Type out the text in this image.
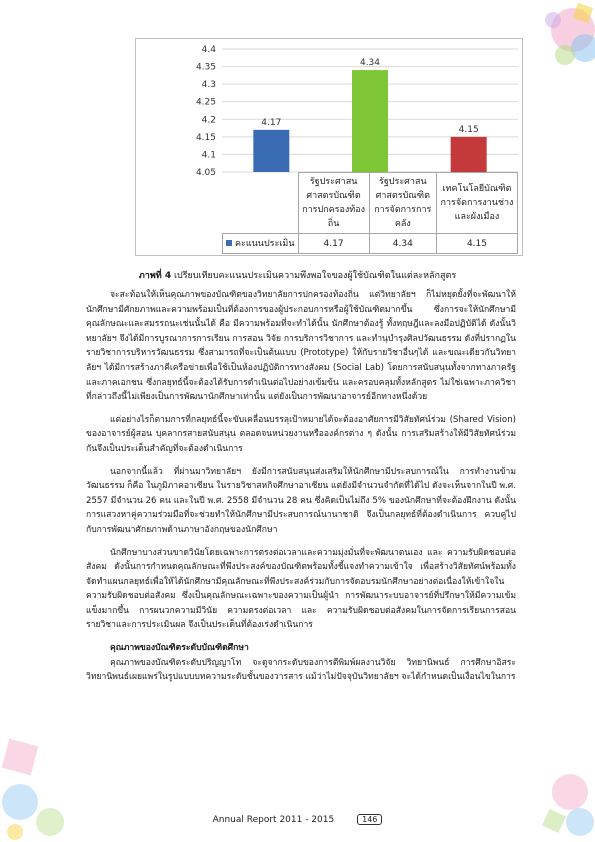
4.4
4.35
4.3
4.25
4.2
4.15
4.1
4.05
4.17
4.34
4.15
	รัฐประศาสนศาสตรบัณฑิต การปกครองท้องถิ่น	รัฐประศาสนศาสตรบัณฑิต การจัดการการคลัง	เทคโนโลยีบัณฑิต การจัดการงานช่างและผังเมือง
คะแนนประเมิน	4.17	4.34	4.15
ภาพที่ 4 เปรียบเทียบคะแนนประเมินความพึงพอใจของผู้ใช้บัณฑิตในแต่ละหลักสูตร

จะสะท้อนให้เห็นคุณภาพของบัณฑิตของวิทยาลัยการปกครองท้องถิ่น แต่วิทยาลัยฯ ก็ไม่หยุดยั้งที่จะพัฒนาให้นักศึกษามีศักยภาพและความพร้อมเป็นที่ต้องการของผู้ประกอบการหรือผู้ใช้บัณฑิตมากขึ้น ซึ่งการจะให้นักศึกษามีคุณลักษณะและสมรรถนะเช่นนั้นได้ คือ มีความพร้อมที่จะทำได้นั้น นักศึกษาต้องรู้ ทั้งทฤษฎีและลงมือปฏิบัติได้ ดังนั้นวิทยาลัยฯ จึงได้มีการบูรณาการการเรียน การสอน วิจัย การบริการวิชาการ และทำนุบำรุงศิลปวัฒนธรรม ดังที่ปรากฏในรายวิชาการบริหารวัฒนธรรม ซึ่งสามารถที่จะเป็นต้นแบบ (Prototype) ให้กับรายวิชาอื่นๆได้ และขณะเดียวกันวิทยาลัยฯ ได้มีการสร้างภาคีเครือข่ายเพื่อใช้เป็นห้องปฏิบัติการทางสังคม (Social Lab) โดยการสนับสนุนทั้งจากทางภาครัฐและภาคเอกชน ซึ่งกลยุทธ์นี้จะต้องได้รับการดำเนินต่อไปอย่างเข้มข้น และครอบคลุมทั้งหลักสูตร ไม่ใช่เฉพาะภาควิชา ที่กล่าวถึงนี้ไม่เพียงเป็นการพัฒนานักศึกษาเท่านั้น แต่ยังเป็นการพัฒนาอาจารย์อีกทางหนึ่งด้วย

แต่อย่างไรก็ตามการที่กลยุทธ์นี้จะขับเคลื่อนบรรลุเป้าหมายได้จะต้องอาศัยการมีวิสัยทัศน์ร่วม (Shared Vision) ของอาจารย์ผู้สอน บุคลากรสายสนับสนุน ตลอดจนหน่วยงานหรือองค์กรต่าง ๆ ดังนั้น การเสริมสร้างให้มีวิสัยทัศน์ร่วมกันจึงเป็นประเด็นสำคัญที่จะต้องดำเนินการ

นอกจากนี้แล้ว ที่ผ่านมาวิทยาลัยฯ ยังมีการสนับสนุนส่งเสริมให้นักศึกษามีประสบการณ์ใน การทำงานข้ามวัฒนธรรม ก็คือ ในภูมิภาคอาเซียน ในรายวิชาสหกิจศึกษาอาเซียน แต่ยังมีจำนวนจำกัดที่ได้ไป ดังจะเห็นจากในปี พ.ศ. 2557 มีจำนวน 26 คน และในปี พ.ศ. 2558 มีจำนวน 28 คน ซึ่งคิดเป็นไม่ถึง 5% ของนักศึกษาที่จะต้องฝึกงาน ดังนั้นการแสวงหาคู่ความร่วมมือที่จะช่วยทำให้นักศึกษามีประสบการณ์นานาชาติ จึงเป็นกลยุทธ์ที่ต้องดำเนินการ ควบคู่ไปกับการพัฒนาศักยภาพด้านภาษาอังกฤษของนักศึกษา

นักศึกษาบางส่วนขาดวินัยโดยเฉพาะการตรงต่อเวลาและความมุ่งมั่นที่จะพัฒนาตนเอง และ ความรับผิดชอบต่อสังคม ดังนั้นการกำหนดคุณลักษณะที่พึงประสงค์ของบัณฑิตพร้อมทั้งชี้แจงทำความเข้าใจ เพื่อสร้างวิสัยทัศน์พร้อมทั้งจัดทำแผนกลยุทธ์เพื่อให้ได้นักศึกษามีคุณลักษณะที่พึงประสงค์ร่วมกับการจัดอบรมนักศึกษาอย่างต่อเนื่องให้เข้าใจในความรับผิดชอบต่อสังคม ซึ่งเป็นคุณลักษณะเฉพาะของความเป็นผู้นำ การพัฒนาระบบอาจารย์ที่ปรึกษาให้มีความเข้มแข็งมากขึ้น การผนวกความมีวินัย ความตรงต่อเวลา และ ความรับผิดชอบต่อสังคมในการจัดการเรียนการสอนรายวิชาและการประเมินผล จึงเป็นประเด็นที่ต้องเร่งดำเนินการ

คุณภาพของบัณฑิตระดับบัณฑิตศึกษา

คุณภาพของบัณฑิตระดับปริญญาโท จะดูจากระดับของการตีพิมพ์ผลงานวิจัย วิทยานิพนธ์ การศึกษาอิสระ วิทยานิพนธ์เผยแพร่ในรูปแบบบทความระดับชั้นของวารสาร แม้ว่าไม่ปัจจุบันวิทยาลัยฯ จะได้กำหนดเป็นเงื่อนไขในการ

Annual Report 2011 - 2015	146
